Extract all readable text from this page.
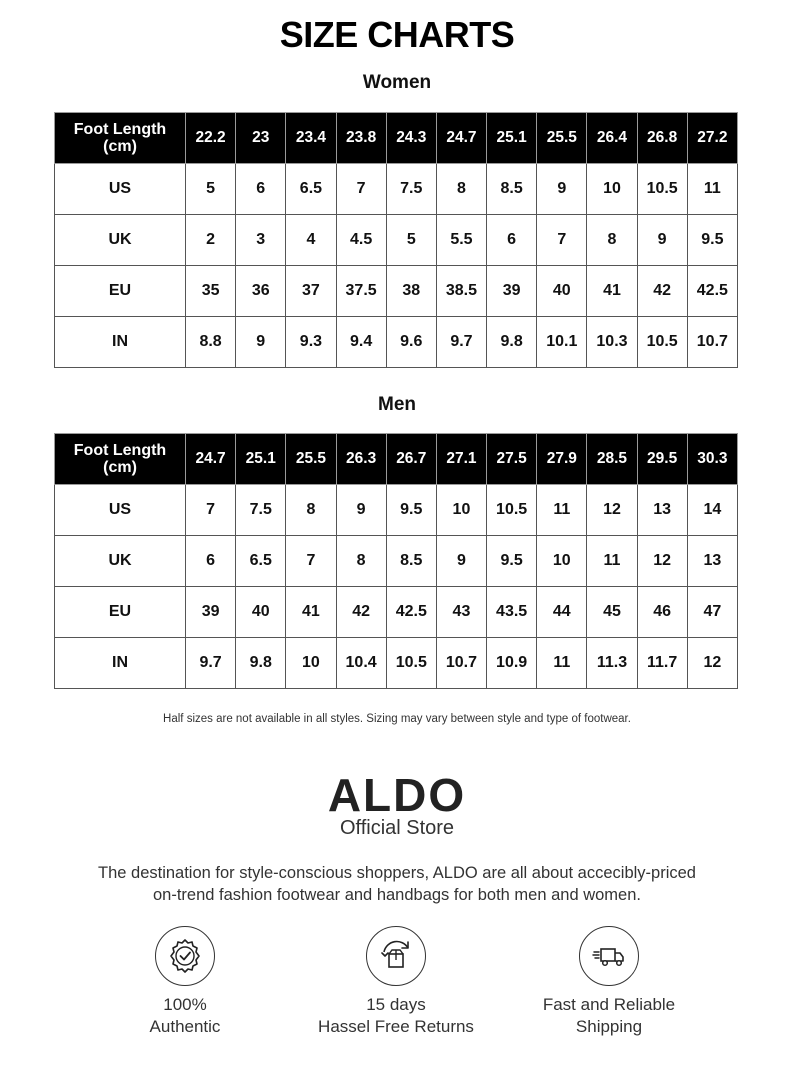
SIZE CHARTS
Women
Foot Length
(cm)	22.2	23	23.4	23.8	24.3	24.7	25.1	25.5	26.4	26.8	27.2
US	5	6	6.5	7	7.5	8	8.5	9	10	10.5	11
UK	2	3	4	4.5	5	5.5	6	7	8	9	9.5
EU	35	36	37	37.5	38	38.5	39	40	41	42	42.5
IN	8.8	9	9.3	9.4	9.6	9.7	9.8	10.1	10.3	10.5	10.7
Men
Foot Length
(cm)	24.7	25.1	25.5	26.3	26.7	27.1	27.5	27.9	28.5	29.5	30.3
US	7	7.5	8	9	9.5	10	10.5	11	12	13	14
UK	6	6.5	7	8	8.5	9	9.5	10	11	12	13
EU	39	40	41	42	42.5	43	43.5	44	45	46	47
IN	9.7	9.8	10	10.4	10.5	10.7	10.9	11	11.3	11.7	12
Half sizes are not available in all styles. Sizing may vary between style and type of footwear.
ALDO
Official Store
The destination for style-conscious shoppers, ALDO are all about accecibly-priced
on-trend fashion footwear and handbags for both men and women.
100%
Authentic
15 days
Hassel Free Returns
Fast and Reliable
Shipping
